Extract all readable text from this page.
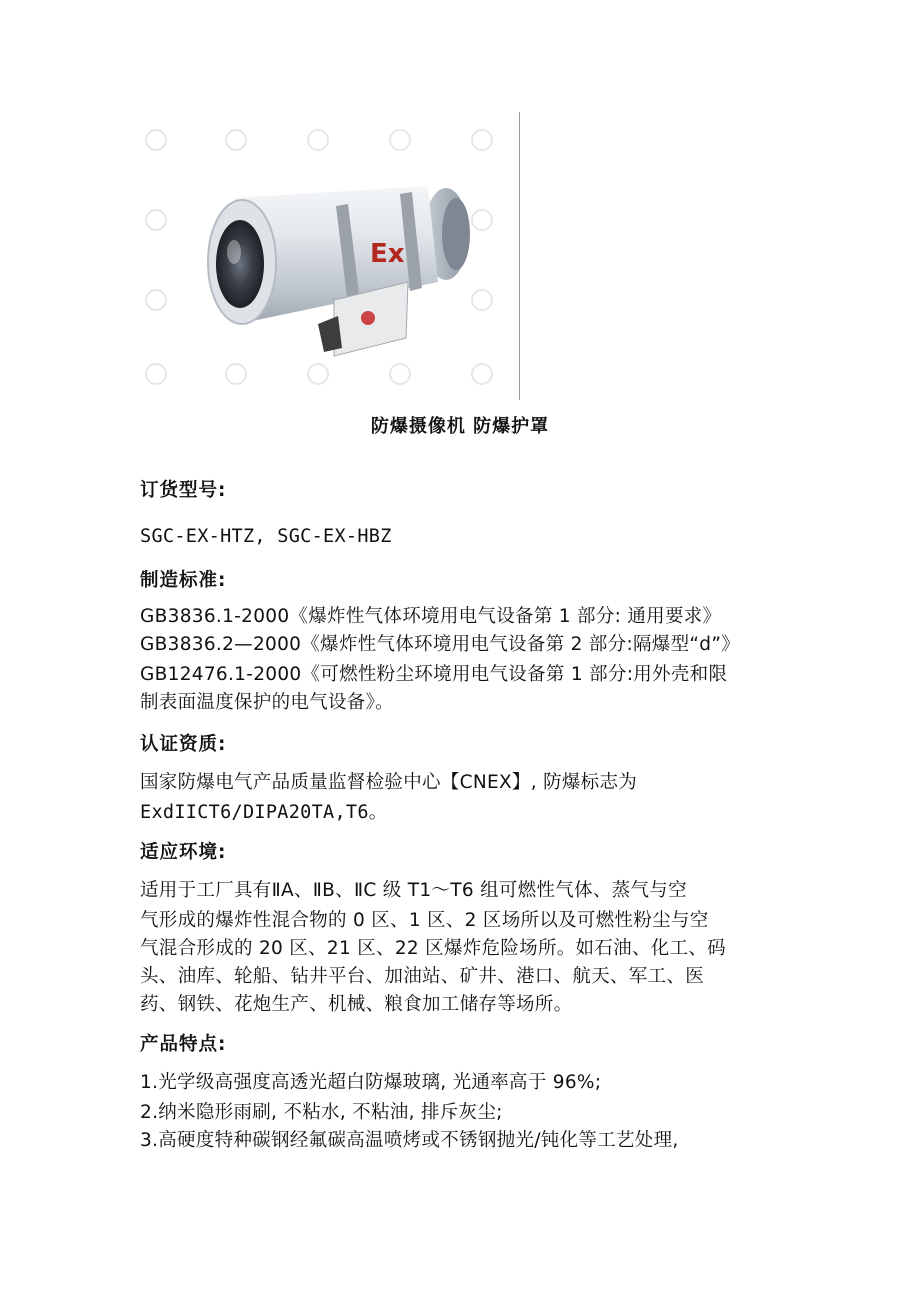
Ex
防爆摄像机 防爆护罩
订货型号:
SGC-EX-HTZ, SGC-EX-HBZ
制造标准:
GB3836.1-2000《爆炸性气体环境用电气设备第 1 部分: 通用要求》
GB3836.2—2000《爆炸性气体环境用电气设备第 2 部分:隔爆型“d”》
GB12476.1-2000《可燃性粉尘环境用电气设备第 1 部分:用外壳和限
制表面温度保护的电气设备》。
认证资质:
国家防爆电气产品质量监督检验中心【CNEX】, 防爆标志为
ExdIICT6/DIPA20TA,T6。
适应环境:
适用于工厂具有ⅡA、ⅡB、ⅡC 级 T1～T6 组可燃性气体、蒸气与空
气形成的爆炸性混合物的 0 区、1 区、2 区场所以及可燃性粉尘与空
气混合形成的 20 区、21 区、22 区爆炸危险场所。如石油、化工、码
头、油库、轮船、钻井平台、加油站、矿井、港口、航天、军工、医
药、钢铁、花炮生产、机械、粮食加工储存等场所。
产品特点:
1.光学级高强度高透光超白防爆玻璃, 光通率高于 96%;
2.纳米隐形雨刷, 不粘水, 不粘油, 排斥灰尘;
3.高硬度特种碳钢经氟碳高温喷烤或不锈钢抛光/钝化等工艺处理,
